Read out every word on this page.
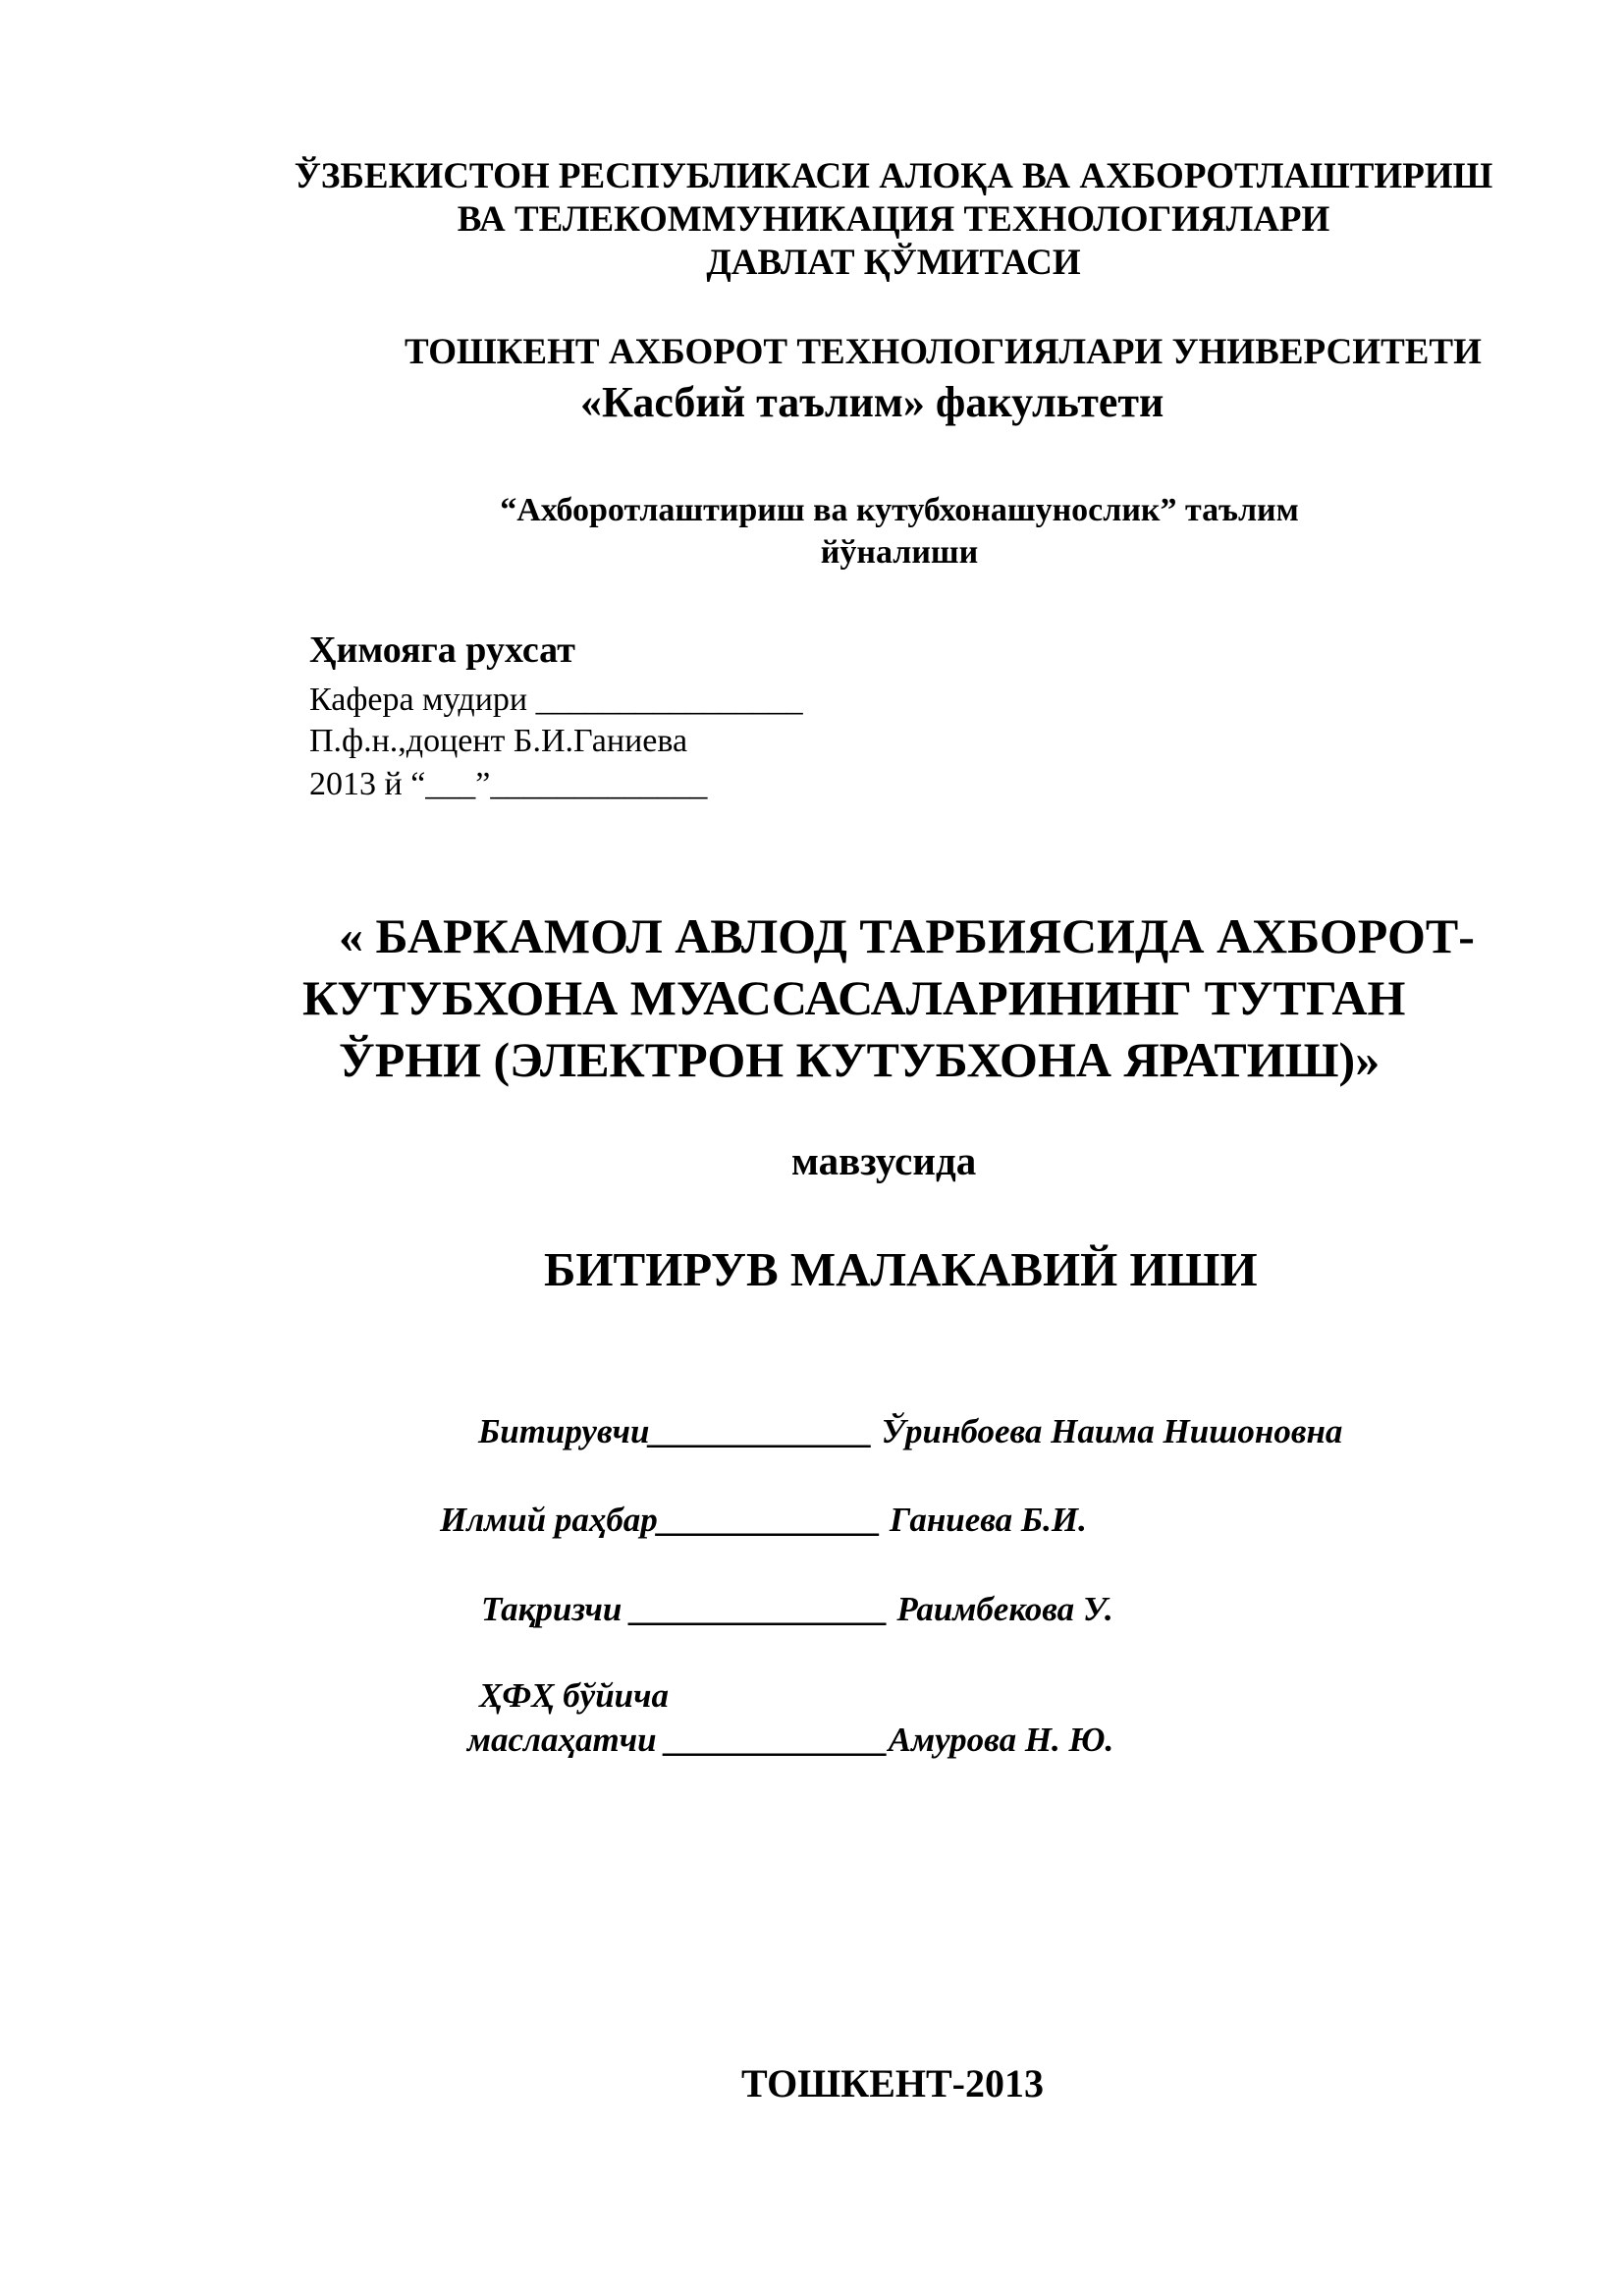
ЎЗБЕКИСТОН РЕСПУБЛИКАСИ АЛОҚА ВА АХБОРОТЛАШТИРИШ
ВА ТЕЛЕКОММУНИКАЦИЯ ТЕХНОЛОГИЯЛАРИ
ДАВЛАТ ҚЎМИТАСИ
ТОШКЕНТ АХБОРОТ ТЕХНОЛОГИЯЛАРИ УНИВЕРСИТЕТИ
«Касбий таълим» факультети
“Ахборотлаштириш ва кутубхонашунослик” таълим
йўналиши
Ҳимояга рухсат
Кафера мудири ________________
П.ф.н.,доцент Б.И.Ганиева
2013 й “___”_____________
« БАРКАМОЛ АВЛОД ТАРБИЯСИДА АХБОРОТ-
КУТУБХОНА МУАССАСАЛАРИНИНГ ТУТГАН
ЎРНИ (ЭЛЕКТРОН КУТУБХОНА ЯРАТИШ)»
мавзусида
БИТИРУВ МАЛАКАВИЙ ИШИ
Битирувчи_____________ Ўринбоева Наима Нишоновна
Илмий раҳбар_____________ Ганиева Б.И.
Тақризчи _______________ Раимбекова У.
ҲФҲ бўйича
маслаҳатчи _____________Амурова Н. Ю.
ТОШКЕНТ-2013
